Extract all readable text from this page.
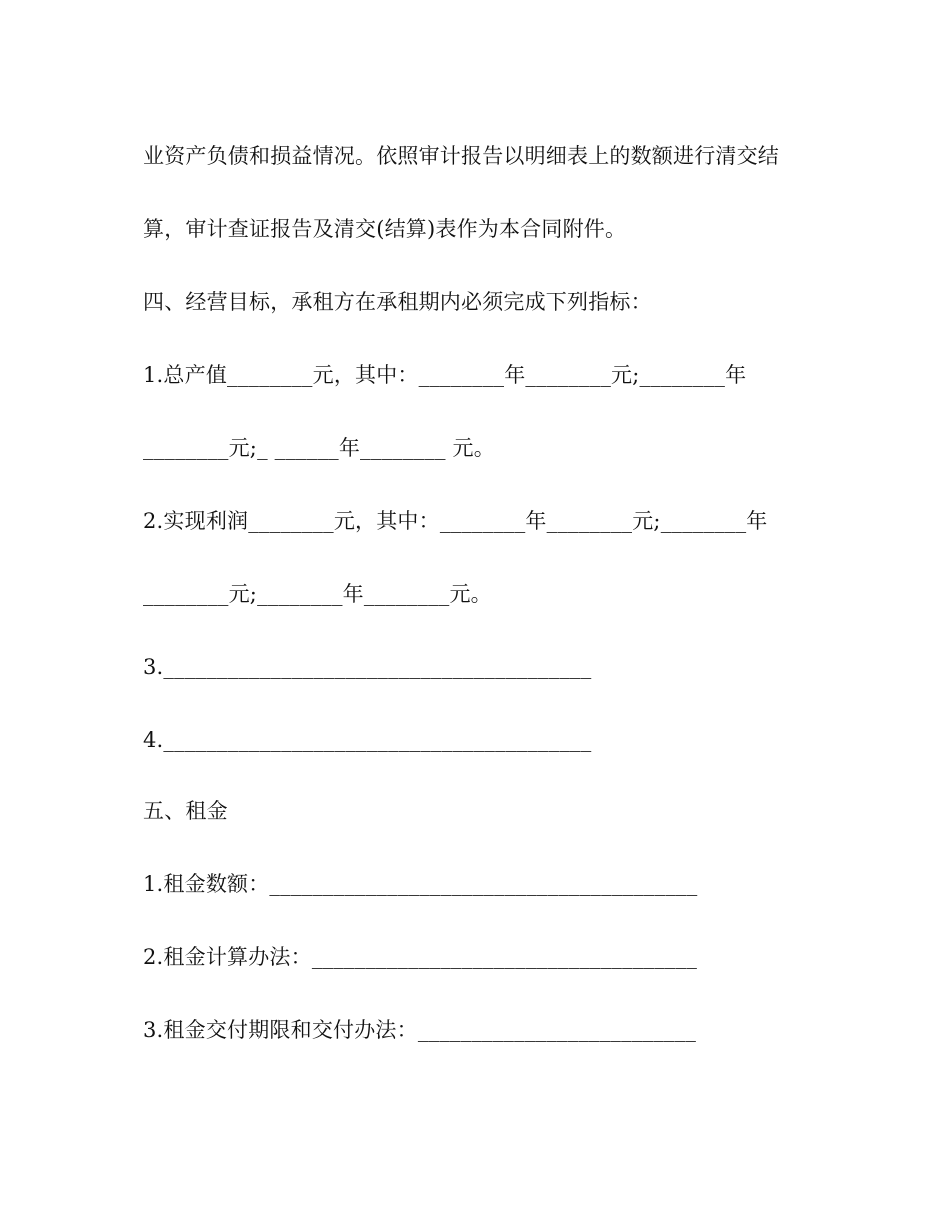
业资产负债和损益情况。依照审计报告以明细表上的数额进行清交结
算，审计查证报告及清交(结算)表作为本合同附件。
四、经营目标，承租方在承租期内必须完成下列指标：
1.总产值________元，其中：________年________元;________年
________元;_ ______年________ 元。
2.实现利润________元，其中：________年________元;________年
________元;________年________元。
3.________________________________________
4.________________________________________
五、租金
1.租金数额：________________________________________
2.租金计算办法：____________________________________
3.租金交付期限和交付办法：__________________________
